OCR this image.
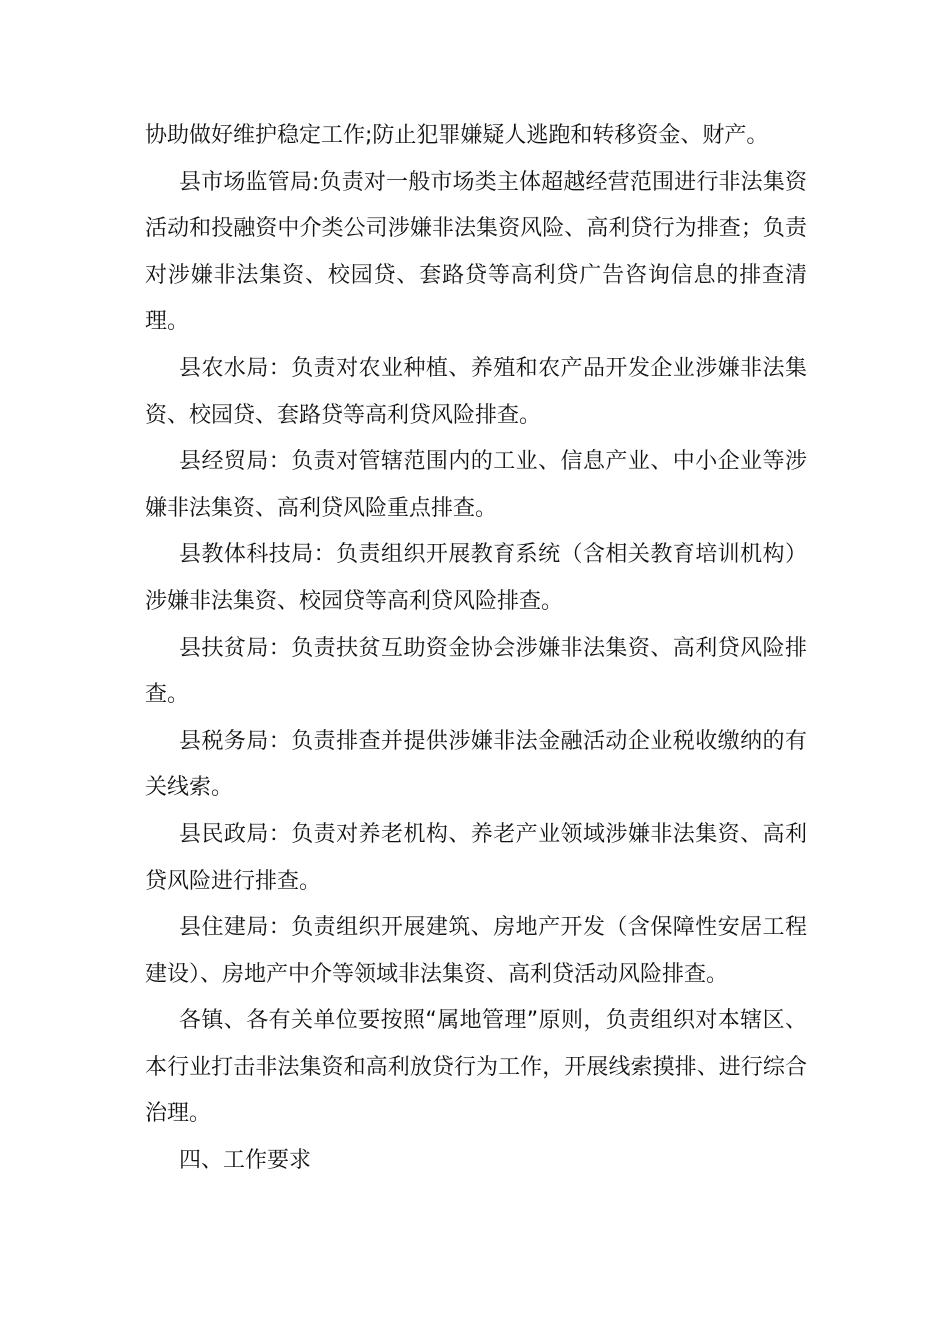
协助做好维护稳定工作;防止犯罪嫌疑人逃跑和转移资金、财产。

县市场监管局:负责对一般市场类主体超越经营范围进行非法集资活动和投融资中介类公司涉嫌非法集资风险、高利贷行为排查；负责对涉嫌非法集资、校园贷、套路贷等高利贷广告咨询信息的排查清理。

县农水局：负责对农业种植、养殖和农产品开发企业涉嫌非法集资、校园贷、套路贷等高利贷风险排查。

县经贸局：负责对管辖范围内的工业、信息产业、中小企业等涉嫌非法集资、高利贷风险重点排查。

县教体科技局：负责组织开展教育系统（含相关教育培训机构）涉嫌非法集资、校园贷等高利贷风险排查。

县扶贫局：负责扶贫互助资金协会涉嫌非法集资、高利贷风险排查。

县税务局：负责排查并提供涉嫌非法金融活动企业税收缴纳的有关线索。

县民政局：负责对养老机构、养老产业领域涉嫌非法集资、高利贷风险进行排查。

县住建局：负责组织开展建筑、房地产开发（含保障性安居工程建设）、房地产中介等领域非法集资、高利贷活动风险排查。

各镇、各有关单位要按照“属地管理”原则，负责组织对本辖区、本行业打击非法集资和高利放贷行为工作，开展线索摸排、进行综合治理。

四、工作要求
